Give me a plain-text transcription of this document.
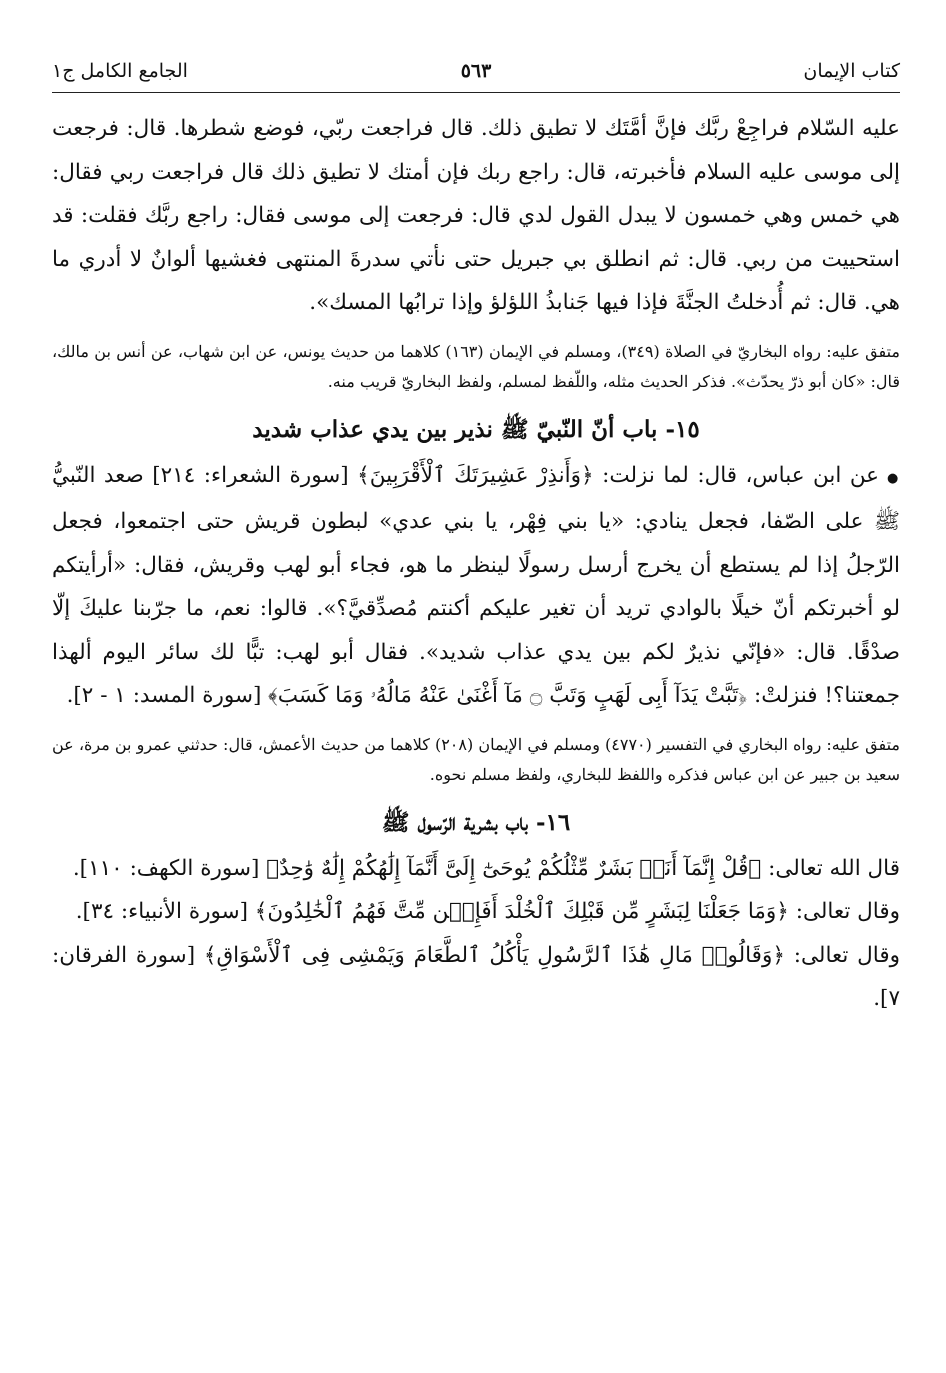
كتاب الإيمان
٥٦٣
الجامع الكامل ج١

عليه السّلام فراجِعْ ربَّك فإنَّ أمَّتَك لا تطيق ذلك. قال فراجعت ربّي، فوضع شطرها. قال: فرجعت إلى موسى عليه السلام فأخبرته، قال: راجع ربك فإن أمتك لا تطيق ذلك قال فراجعت ربي فقال: هي خمس وهي خمسون لا يبدل القول لدي قال: فرجعت إلى موسى فقال: راجع ربَّك فقلت: قد استحييت من ربي. قال: ثم انطلق بي جبريل حتى نأتي سدرةَ المنتهى فغشيها ألوانٌ لا أدري ما هي. قال: ثم أُدخلتُ الجنَّةَ فإذا فيها جَنابذُ اللؤلؤ وإذا ترابُها المسك».

متفق عليه: رواه البخاريّ في الصلاة (٣٤٩)، ومسلم في الإيمان (١٦٣) كلاهما من حديث يونس، عن ابن شهاب، عن أنس بن مالك، قال: «كان أبو ذرّ يحدّث». فذكر الحديث مثله، واللّفظ لمسلم، ولفظ البخاريّ قريب منه.

١٥- باب أنّ النّبيّ ﷺ نذير بين يدي عذاب شديد

●عن ابن عباس، قال: لما نزلت: ﴿وَأَنذِرْ عَشِيرَتَكَ ٱلْأَقْرَبِينَ﴾ [سورة الشعراء: ٢١٤] صعد النّبيُّ ﷺ على الصّفا، فجعل ينادي: «يا بني فِهْر، يا بني عدي» لبطون قريش حتى اجتمعوا، فجعل الرّجلُ إذا لم يستطع أن يخرج أرسل رسولًا لينظر ما هو، فجاء أبو لهب وقريش، فقال: «أرأيتكم لو أخبرتكم أنّ خيلًا بالوادي تريد أن تغير عليكم أكنتم مُصدِّقيَّ؟». قالوا: نعم، ما جرّبنا عليكَ إلّا صدْقًا. قال: «فإنّي نذيرٌ لكم بين يدي عذاب شديد». فقال أبو لهب: تبًّا لك سائر اليوم ألهذا جمعتنا؟! فنزلتْ: ﴿تَبَّتْ يَدَآ أَبِى لَهَبٍ وَتَبَّ ۝ مَآ أَغْنَىٰ عَنْهُ مَالُهُۥ وَمَا كَسَبَ﴾ [سورة المسد: ١ - ٢].

متفق عليه: رواه البخاري في التفسير (٤٧٧٠) ومسلم في الإيمان (٢٠٨) كلاهما من حديث الأعمش، قال: حدثني عمرو بن مرة، عن سعيد بن جبير عن ابن عباس فذكره واللفظ للبخاري، ولفظ مسلم نحوه.

١٦- باب بشرية الرّسول ﷺ

قال الله تعالى: ﴿قُلْ إِنَّمَآ أَنَا۠ بَشَرٌ مِّثْلُكُمْ يُوحَىٰٓ إِلَىَّ أَنَّمَآ إِلَٰهُكُمْ إِلَٰهٌ وَٰحِدٌ﴾ [سورة الكهف: ١١٠].

وقال تعالى: ﴿وَمَا جَعَلْنَا لِبَشَرٍ مِّن قَبْلِكَ ٱلْخُلْدَ أَفَإِي۟ن مِّتَّ فَهُمُ ٱلْخَٰلِدُونَ﴾ [سورة الأنبياء: ٣٤].

وقال تعالى: ﴿وَقَالُوا۟ مَالِ هَٰذَا ٱلرَّسُولِ يَأْكُلُ ٱلطَّعَامَ وَيَمْشِى فِى ٱلْأَسْوَاقِ﴾ [سورة الفرقان: ٧].
